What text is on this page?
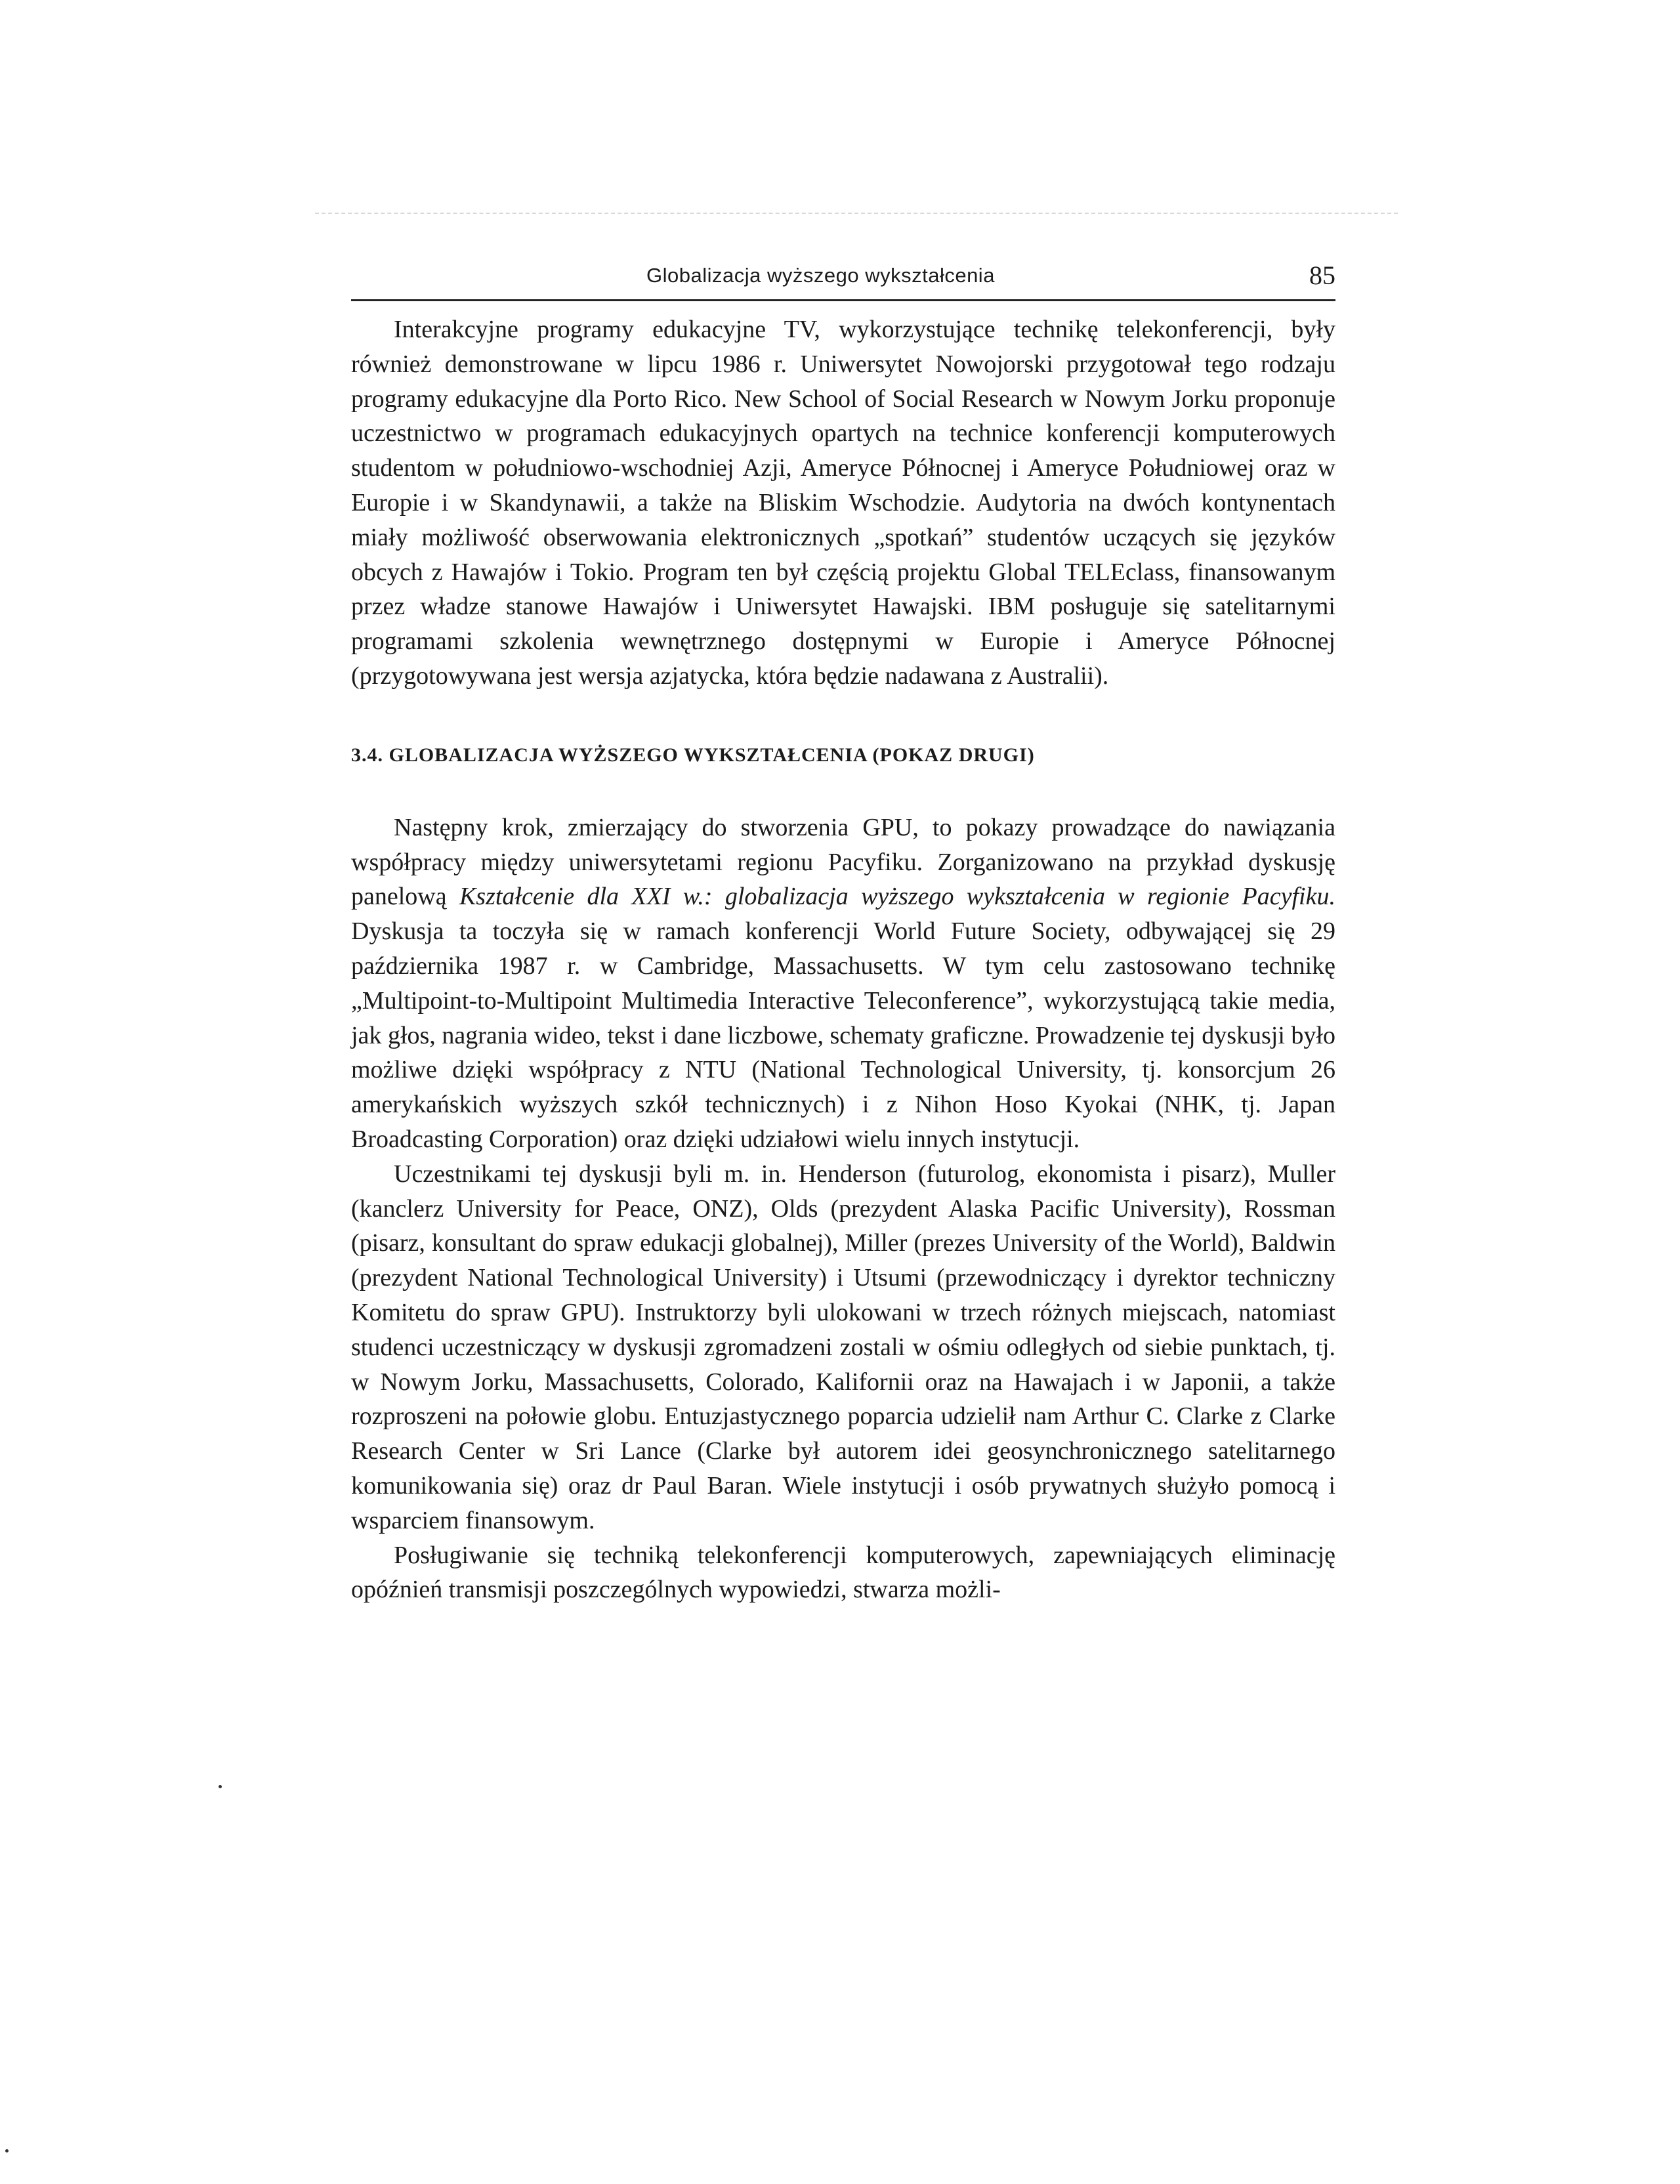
Globalizacja wyższego wykształcenia	85

Interakcyjne programy edukacyjne TV, wykorzystujące technikę telekonferencji, były również demonstrowane w lipcu 1986 r. Uniwersytet Nowojorski przygotował tego rodzaju programy edukacyjne dla Porto Rico. New School of Social Research w Nowym Jorku proponuje uczestnictwo w programach edukacyjnych opartych na technice konferencji komputerowych studentom w południowo-wschodniej Azji, Ameryce Północnej i Ameryce Południowej oraz w Europie i w Skandynawii, a także na Bliskim Wschodzie. Audytoria na dwóch kontynentach miały możliwość obserwowania elektronicznych „spotkań” studentów uczących się języków obcych z Hawajów i Tokio. Program ten był częścią projektu Global TELEclass, finansowanym przez władze stanowe Hawajów i Uniwersytet Hawajski. IBM posługuje się satelitarnymi programami szkolenia wewnętrznego dostępnymi w Europie i Ameryce Północnej (przygotowywana jest wersja azjatycka, która będzie nadawana z Australii).

3.4. GLOBALIZACJA WYŻSZEGO WYKSZTAŁCENIA (POKAZ DRUGI)

Następny krok, zmierzający do stworzenia GPU, to pokazy prowadzące do nawiązania współpracy między uniwersytetami regionu Pacyfiku. Zorganizowano na przykład dyskusję panelową Kształcenie dla XXI w.: globalizacja wyższego wykształcenia w regionie Pacyfiku. Dyskusja ta toczyła się w ramach konferencji World Future Society, odbywającej się 29 października 1987 r. w Cambridge, Massachusetts. W tym celu zastosowano technikę „Multipoint-to-Multipoint Multimedia Interactive Teleconference”, wykorzystującą takie media, jak głos, nagrania wideo, tekst i dane liczbowe, schematy graficzne. Prowadzenie tej dyskusji było możliwe dzięki współpracy z NTU (National Technological University, tj. konsorcjum 26 amerykańskich wyższych szkół technicznych) i z Nihon Hoso Kyokai (NHK, tj. Japan Broadcasting Corporation) oraz dzięki udziałowi wielu innych instytucji.

Uczestnikami tej dyskusji byli m. in. Henderson (futurolog, ekonomista i pisarz), Muller (kanclerz University for Peace, ONZ), Olds (prezydent Alaska Pacific University), Rossman (pisarz, konsultant do spraw edukacji globalnej), Miller (prezes University of the World), Baldwin (prezydent National Technological University) i Utsumi (przewodniczący i dyrektor techniczny Komitetu do spraw GPU). Instruktorzy byli ulokowani w trzech różnych miejscach, natomiast studenci uczestniczący w dyskusji zgromadzeni zostali w ośmiu odległych od siebie punktach, tj. w Nowym Jorku, Massachusetts, Colorado, Kalifornii oraz na Hawajach i w Japonii, a także rozproszeni na połowie globu. Entuzjastycznego poparcia udzielił nam Arthur C. Clarke z Clarke Research Center w Sri Lance (Clarke był autorem idei geosynchronicznego satelitarnego komunikowania się) oraz dr Paul Baran. Wiele instytucji i osób prywatnych służyło pomocą i wsparciem finansowym.

Posługiwanie się techniką telekonferencji komputerowych, zapewniających eliminację opóźnień transmisji poszczególnych wypowiedzi, stwarza możli-
